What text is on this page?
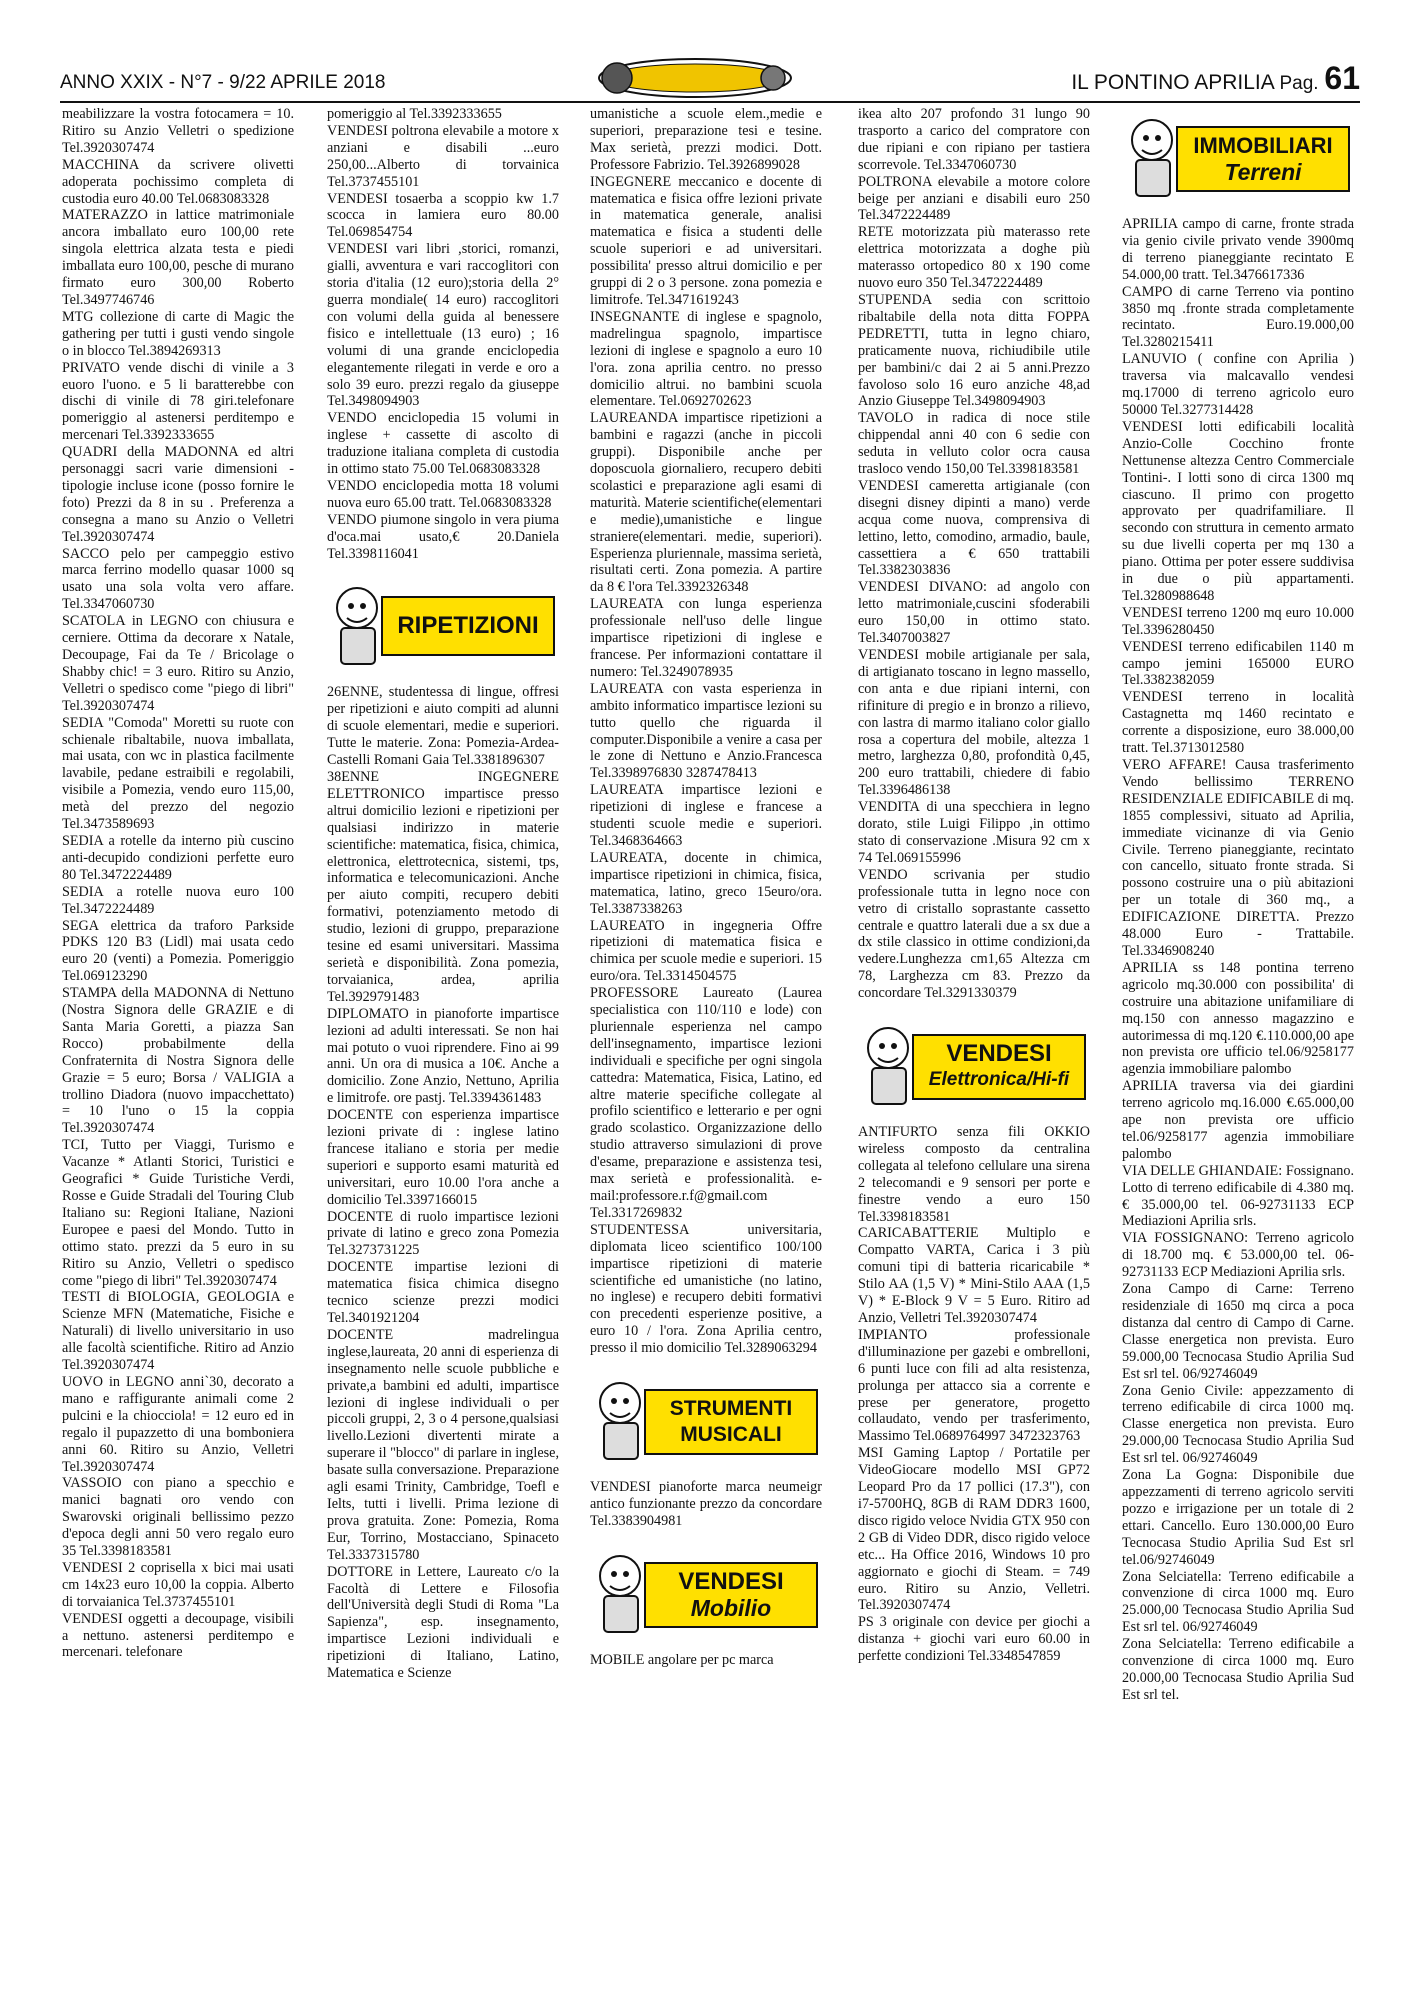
ANNO XXIX - N°7 - 9/22 APRILE 2018	IL PONTINO APRILIA Pag. 61

meabilizzare la vostra fotocamera = 10. Ritiro su Anzio Velletri o spedizione Tel.3920307474

MACCHINA da scrivere olivetti adoperata pochissimo completa di custodia euro 40.00 Tel.0683083328

MATERAZZO in lattice matrimoniale ancora imballato euro 100,00 rete singola elettrica alzata testa e piedi imballata euro 100,00, pesche di murano firmato euro 300,00 Roberto Tel.3497746746

MTG collezione di carte di Magic the gathering per tutti i gusti vendo singole o in blocco Tel.3894269313

PRIVATO vende dischi di vinile a 3 euoro l'uono. e 5 li baratterebbe con dischi di vinile di 78 giri.telefonare pomeriggio al astenersi perditempo e mercenari Tel.3392333655

QUADRI della MADONNA ed altri personaggi sacri varie dimensioni - tipologie incluse icone (posso fornire le foto) Prezzi da 8 in su . Preferenza a consegna a mano su Anzio o Velletri Tel.3920307474

SACCO pelo per campeggio estivo marca ferrino modello quasar 1000 sq usato una sola volta vero affare. Tel.3347060730

SCATOLA in LEGNO con chiusura e cerniere. Ottima da decorare x Natale, Decoupage, Fai da Te / Bricolage o Shabby chic! = 3 euro. Ritiro su Anzio, Velletri o spedisco come "piego di libri" Tel.3920307474

SEDIA "Comoda" Moretti su ruote con schienale ribaltabile, nuova imballata, mai usata, con wc in plastica facilmente lavabile, pedane estraibili e regolabili, visibile a Pomezia, vendo euro 115,00, metà del prezzo del negozio Tel.3473589693

SEDIA a rotelle da interno più cuscino anti-decupido condizioni perfette euro 80 Tel.3472224489

SEDIA a rotelle nuova euro 100 Tel.3472224489

SEGA elettrica da traforo Parkside PDKS 120 B3 (Lidl) mai usata cedo euro 20 (venti) a Pomezia. Pomeriggio Tel.069123290

STAMPA della MADONNA di Nettuno (Nostra Signora delle GRAZIE e di Santa Maria Goretti, a piazza San Rocco) probabilmente della Confraternita di Nostra Signora delle Grazie = 5 euro; Borsa / VALIGIA a trollino Diadora (nuovo impacchettato) = 10 l'uno o 15 la coppia Tel.3920307474

TCI, Tutto per Viaggi, Turismo e Vacanze * Atlanti Storici, Turistici e Geografici * Guide Turistiche Verdi, Rosse e Guide Stradali del Touring Club Italiano su: Regioni Italiane, Nazioni Europee e paesi del Mondo. Tutto in ottimo stato. prezzi da 5 euro in su Ritiro su Anzio, Velletri o spedisco come "piego di libri" Tel.3920307474

TESTI di BIOLOGIA, GEOLOGIA e Scienze MFN (Matematiche, Fisiche e Naturali) di livello universitario in uso alle facoltà scientifiche. Ritiro ad Anzio Tel.3920307474

UOVO in LEGNO anni`30, decorato a mano e raffigurante animali come 2 pulcini e la chiocciola! = 12 euro ed in regalo il pupazzetto di una bomboniera anni 60. Ritiro su Anzio, Velletri Tel.3920307474

VASSOIO con piano a specchio e manici bagnati oro vendo con Swarovski originali bellissimo pezzo d'epoca degli anni 50 vero regalo euro 35 Tel.3398183581

VENDESI 2 coprisella x bici mai usati cm 14x23 euro 10,00 la coppia. Alberto di torvaianica Tel.3737455101

VENDESI oggetti a decoupage, visibili a nettuno. astenersi perditempo e mercenari. telefonare

pomeriggio al Tel.3392333655

VENDESI poltrona elevabile a motore x anziani e disabili ...euro 250,00...Alberto di torvainica Tel.3737455101

VENDESI tosaerba a scoppio kw 1.7 scocca in lamiera euro 80.00 Tel.069854754

VENDESI vari libri ,storici, romanzi, gialli, avventura e vari raccoglitori con storia d'italia (12 euro);storia della 2° guerra mondiale( 14 euro) raccoglitori con volumi della guida al benessere fisico e intellettuale (13 euro) ; 16 volumi di una grande enciclopedia elegantemente rilegati in verde e oro a solo 39 euro. prezzi regalo da giuseppe Tel.3498094903

VENDO enciclopedia 15 volumi in inglese + cassette di ascolto di traduzione italiana completa di custodia in ottimo stato 75.00 Tel.0683083328

VENDO enciclopedia motta 18 volumi nuova euro 65.00 tratt. Tel.0683083328

VENDO piumone singolo in vera piuma d'oca.mai usato,€ 20.Daniela Tel.3398116041

RIPETIZIONI

26ENNE, studentessa di lingue, offresi per ripetizioni e aiuto compiti ad alunni di scuole elementari, medie e superiori. Tutte le materie. Zona: Pomezia-Ardea-Castelli Romani Gaia Tel.3381896307

38ENNE INGEGNERE ELETTRONICO impartisce presso altrui domicilio lezioni e ripetizioni per qualsiasi indirizzo in materie scientifiche: matematica, fisica, chimica, elettronica, elettrotecnica, sistemi, tps, informatica e telecomunicazioni. Anche per aiuto compiti, recupero debiti formativi, potenziamento metodo di studio, lezioni di gruppo, preparazione tesine ed esami universitari. Massima serietà e disponibilità. Zona pomezia, torvaianica, ardea, aprilia Tel.3929791483

DIPLOMATO in pianoforte impartisce lezioni ad adulti interessati. Se non hai mai potuto o vuoi riprendere. Fino ai 99 anni. Un ora di musica a 10€. Anche a domicilio. Zone Anzio, Nettuno, Aprilia e limitrofe. ore pastj. Tel.3394361483

DOCENTE con esperienza impartisce lezioni private di : inglese latino francese italiano e storia per medie superiori e supporto esami maturità ed universitari, euro 10.00 l'ora anche a domicilio Tel.3397166015

DOCENTE di ruolo impartisce lezioni private di latino e greco zona Pomezia Tel.3273731225

DOCENTE impartise lezioni di matematica fisica chimica disegno tecnico scienze prezzi modici Tel.3401921204

DOCENTE madrelingua inglese,laureata, 20 anni di esperienza di insegnamento nelle scuole pubbliche e private,a bambini ed adulti, impartisce lezioni di inglese individuali o per piccoli gruppi, 2, 3 o 4 persone,qualsiasi livello.Lezioni divertenti mirate a superare il "blocco" di parlare in inglese, basate sulla conversazione. Preparazione agli esami Trinity, Cambridge, Toefl e Ielts, tutti i livelli. Prima lezione di prova gratuita. Zone: Pomezia, Roma Eur, Torrino, Mostacciano, Spinaceto Tel.3337315780

DOTTORE in Lettere, Laureato c/o la Facoltà di Lettere e Filosofia dell'Università degli Studi di Roma "La Sapienza", esp. insegnamento, impartisce Lezioni individuali e ripetizioni di Italiano, Latino, Matematica e Scienze

umanistiche a scuole elem.,medie e superiori, preparazione tesi e tesine. Max serietà, prezzi modici. Dott. Professore Fabrizio. Tel.3926899028

INGEGNERE meccanico e docente di matematica e fisica offre lezioni private in matematica generale, analisi matematica e fisica a studenti delle scuole superiori e ad universitari. possibilita' presso altrui domicilio e per gruppi di 2 o 3 persone. zona pomezia e limitrofe. Tel.3471619243

INSEGNANTE di inglese e spagnolo, madrelingua spagnolo, impartisce lezioni di inglese e spagnolo a euro 10 l'ora. zona aprilia centro. no presso domicilio altrui. no bambini scuola elementare. Tel.0692702623

LAUREANDA impartisce ripetizioni a bambini e ragazzi (anche in piccoli gruppi). Disponibile anche per doposcuola giornaliero, recupero debiti scolastici e preparazione agli esami di maturità. Materie scientifiche(elementari e medie),umanistiche e lingue straniere(elementari. medie, superiori). Esperienza pluriennale, massima serietà, risultati certi. Zona pomezia. A partire da 8 € l'ora Tel.3392326348

LAUREATA con lunga esperienza professionale nell'uso delle lingue impartisce ripetizioni di inglese e francese. Per informazioni contattare il numero: Tel.3249078935

LAUREATA con vasta esperienza in ambito informatico impartisce lezioni su tutto quello che riguarda il computer.Disponibile a venire a casa per le zone di Nettuno e Anzio.Francesca Tel.3398976830 3287478413

LAUREATA impartisce lezioni e ripetizioni di inglese e francese a studenti scuole medie e superiori. Tel.3468364663

LAUREATA, docente in chimica, impartisce ripetizioni in chimica, fisica, matematica, latino, greco 15euro/ora. Tel.3387338263

LAUREATO in ingegneria Offre ripetizioni di matematica fisica e chimica per scuole medie e superiori. 15 euro/ora. Tel.3314504575

PROFESSORE Laureato (Laurea specialistica con 110/110 e lode) con pluriennale esperienza nel campo dell'insegnamento, impartisce lezioni individuali e specifiche per ogni singola cattedra: Matematica, Fisica, Latino, ed altre materie specifiche collegate al profilo scientifico e letterario e per ogni grado scolastico. Organizzazione dello studio attraverso simulazioni di prove d'esame, preparazione e assistenza tesi, max serietà e professionalità. e-mail:professore.r.f@gmail.com Tel.3317269832

STUDENTESSA universitaria, diplomata liceo scientifico 100/100 impartisce ripetizioni di materie scientifiche ed umanistiche (no latino, no inglese) e recupero debiti formativi con precedenti esperienze positive, a euro 10 / l'ora. Zona Aprilia centro, presso il mio domicilio Tel.3289063294

STRUMENTI
MUSICALI

VENDESI pianoforte marca neumeigr antico funzionante prezzo da concordare Tel.3383904981

VENDESI
Mobilio

MOBILE angolare per pc marca

ikea alto 207 profondo 31 lungo 90 trasporto a carico del compratore con due ripiani e con ripiano per tastiera scorrevole. Tel.3347060730

POLTRONA elevabile a motore colore beige per anziani e disabili euro 250 Tel.3472224489

RETE motorizzata più materasso rete elettrica motorizzata a doghe più materasso ortopedico 80 x 190 come nuovo euro 350 Tel.3472224489

STUPENDA sedia con scrittoio ribaltabile della nota ditta FOPPA PEDRETTI, tutta in legno chiaro, praticamente nuova, richiudibile utile per bambini/c dai 2 ai 5 anni.Prezzo favoloso solo 16 euro anziche 48,ad Anzio Giuseppe Tel.3498094903

TAVOLO in radica di noce stile chippendal anni 40 con 6 sedie con seduta in velluto color ocra causa trasloco vendo 150,00 Tel.3398183581

VENDESI cameretta artigianale (con disegni disney dipinti a mano) verde acqua come nuova, comprensiva di lettino, letto, comodino, armadio, baule, cassettiera a € 650 trattabili Tel.3382303836

VENDESI DIVANO: ad angolo con letto matrimoniale,cuscini sfoderabili euro 150,00 in ottimo stato. Tel.3407003827

VENDESI mobile artigianale per sala, di artigianato toscano in legno massello, con anta e due ripiani interni, con rifiniture di pregio e in bronzo a rilievo, con lastra di marmo italiano color giallo rosa a copertura del mobile, altezza 1 metro, larghezza 0,80, profondità 0,45, 200 euro trattabili, chiedere di fabio Tel.3396486138

VENDITA di una specchiera in legno dorato, stile Luigi Filippo ,in ottimo stato di conservazione .Misura 92 cm x 74 Tel.069155996

VENDO scrivania per studio professionale tutta in legno noce con vetro di cristallo soprastante cassetto centrale e quattro laterali due a sx due a dx stile classico in ottime condizioni,da vedere.Lunghezza cm1,65 Altezza cm 78, Larghezza cm 83. Prezzo da concordare Tel.3291330379

VENDESI
Elettronica/Hi-fi

ANTIFURTO senza fili OKKIO wireless composto da centralina collegata al telefono cellulare una sirena 2 telecomandi e 9 sensori per porte e finestre vendo a euro 150 Tel.3398183581

CARICABATTERIE Multiplo e Compatto VARTA, Carica i 3 più comuni tipi di batteria ricaricabile * Stilo AA (1,5 V) * Mini-Stilo AAA (1,5 V) * E-Block 9 V = 5 Euro. Ritiro ad Anzio, Velletri Tel.3920307474

IMPIANTO professionale d'illuminazione per gazebi e ombrelloni, 6 punti luce con fili ad alta resistenza, prolunga per attacco sia a corrente e prese per generatore, progetto collaudato, vendo per trasferimento, Massimo Tel.0689764997 3472323763

MSI Gaming Laptop / Portatile per VideoGiocare modello MSI GP72 Leopard Pro da 17 pollici (17.3"), con i7-5700HQ, 8GB di RAM DDR3 1600, disco rigido veloce Nvidia GTX 950 con 2 GB di Video DDR, disco rigido veloce etc... Ha Office 2016, Windows 10 pro aggiornato e giochi di Steam. = 749 euro. Ritiro su Anzio, Velletri. Tel.3920307474

PS 3 originale con device per giochi a distanza + giochi vari euro 60.00 in perfette condizioni Tel.3348547859

IMMOBILIARI
Terreni

APRILIA campo di carne, fronte strada via genio civile privato vende 3900mq di terreno pianeggiante recintato E 54.000,00 tratt. Tel.3476617336

CAMPO di carne Terreno via pontino 3850 mq .fronte strada completamente recintato. Euro.19.000,00 Tel.3280215411

LANUVIO ( confine con Aprilia ) traversa via malcavallo vendesi mq.17000 di terreno agricolo euro 50000 Tel.3277314428

VENDESI lotti edificabili località Anzio-Colle Cocchino fronte Nettunense altezza Centro Commerciale Tontini-. I lotti sono di circa 1300 mq ciascuno. Il primo con progetto approvato per quadrifamiliare. Il secondo con struttura in cemento armato su due livelli coperta per mq 130 a piano. Ottima per poter essere suddivisa in due o più appartamenti. Tel.3280988648

VENDESI terreno 1200 mq euro 10.000 Tel.3396280450

VENDESI terreno edificabilen 1140 m campo jemini 165000 EURO Tel.3382382059

VENDESI terreno in località Castagnetta mq 1460 recintato e corrente a disposizione, euro 38.000,00 tratt. Tel.3713012580

VERO AFFARE! Causa trasferimento Vendo bellissimo TERRENO RESIDENZIALE EDIFICABILE di mq. 1855 complessivi, situato ad Aprilia, immediate vicinanze di via Genio Civile. Terreno pianeggiante, recintato con cancello, situato fronte strada. Si possono costruire una o più abitazioni per un totale di 360 mq., a EDIFICAZIONE DIRETTA. Prezzo 48.000 Euro - Trattabile. Tel.3346908240

APRILIA ss 148 pontina terreno agricolo mq.30.000 con possibilita' di costruire una abitazione unifamiliare di mq.150 con annesso magazzino e autorimessa di mq.120 €.110.000,00 ape non prevista ore ufficio tel.06/9258177 agenzia immobiliare palombo

APRILIA traversa via dei giardini terreno agricolo mq.16.000 €.65.000,00 ape non prevista ore ufficio tel.06/9258177 agenzia immobiliare palombo

VIA DELLE GHIANDAIE: Fossignano. Lotto di terreno edificabile di 4.380 mq. € 35.000,00 tel. 06-92731133 ECP Mediazioni Aprilia srls.

VIA FOSSIGNANO: Terreno agricolo di 18.700 mq. € 53.000,00 tel. 06-92731133 ECP Mediazioni Aprilia srls.

Zona Campo di Carne: Terreno residenziale di 1650 mq circa a poca distanza dal centro di Campo di Carne. Classe energetica non prevista. Euro 59.000,00 Tecnocasa Studio Aprilia Sud Est srl tel. 06/92746049

Zona Genio Civile: appezzamento di terreno edificabile di circa 1000 mq. Classe energetica non prevista. Euro 29.000,00 Tecnocasa Studio Aprilia Sud Est srl tel. 06/92746049

Zona La Gogna: Disponibile due appezzamenti di terreno agricolo serviti pozzo e irrigazione per un totale di 2 ettari. Cancello. Euro 130.000,00 Euro Tecnocasa Studio Aprilia Sud Est srl tel.06/92746049

Zona Selciatella: Terreno edificabile a convenzione di circa 1000 mq. Euro 25.000,00 Tecnocasa Studio Aprilia Sud Est srl tel. 06/92746049

Zona Selciatella: Terreno edificabile a convenzione di circa 1000 mq. Euro 20.000,00 Tecnocasa Studio Aprilia Sud Est srl tel.
